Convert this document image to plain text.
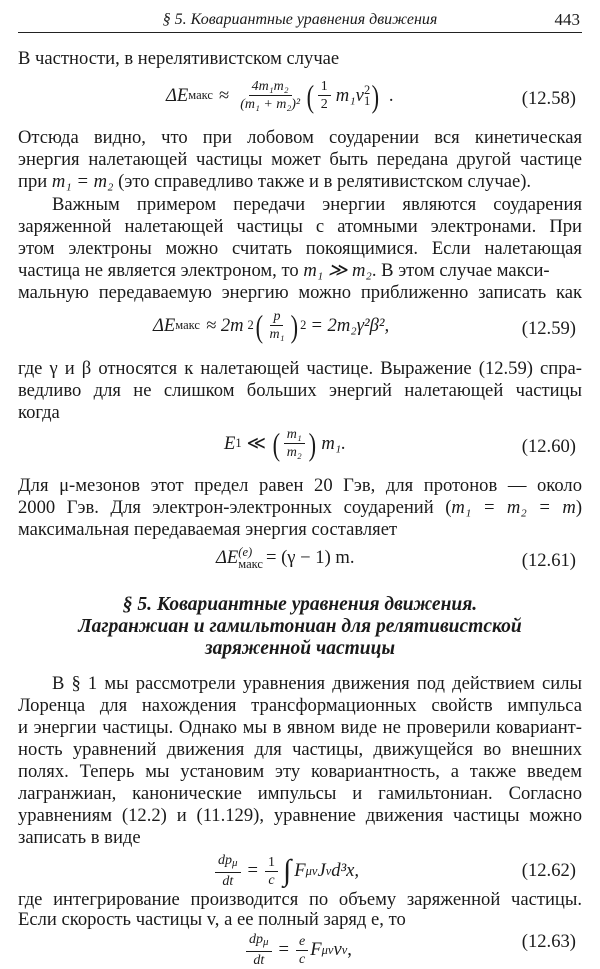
§ 5. Ковариантные уравнения движения	443
В частности, в нерелятивистском случае
ΔE макс ≈ $\frac{\text{4m₁m₂}}{\text{(m₁ + m₂)²}}$ ( $\frac{1}{2} m_1v$ 2
1 ) .	(12.58)
Отсюда видно, что при лобовом соударении вся кинетическая
энергия налетающей частицы может быть передана другой частице
при m₁ = m₂ (это справедливо также и в релятивистском случае).
Важным примером передачи энергии являются соударения
заряженной налетающей частицы с атомными электронами. При
этом электроны можно считать покоящимися. Если налетающая
частица не является электроном, то m₁ ≫ m₂. В этом случае макси-
мальную передаваемую энергию можно приближенно записать как
ΔE макс ≈ 2m 2 ( $\frac{p}{\text{m₁}}$ ) 2 = 2m₂γ²β²,	(12.59)
где γ и β относятся к налетающей частице. Выражение (12.59) спра-
ведливо для не слишком больших энергий налетающей частицы
когда
E 1 ≪ ( $\frac{\text{m₁}}{\text{m₂}}$ ) m₁.	(12.60)
Для μ-мезонов этот предел равен 20 Гэв, для протонов — около
2000 Гэв. Для электрон-электронных соударений (m₁ = m₂ = m)
максимальная передаваемая энергия составляет
ΔE (e)
макс = (γ − 1) m.	(12.61)
§ 5. Ковариантные уравнения движения.
Лагранжиан и гамильтониан для релятивистской
заряженной частицы
В § 1 мы рассмотрели уравнения движения под действием силы
Лоренца для нахождения трансформационных свойств импульса
и энергии частицы. Однако мы в явном виде не проверили ковариант-
ность уравнений движения для частицы, движущейся во внешних
полях. Теперь мы установим эту ковариантность, а также введем
лагранжиан, канонические импульсы и гамильтониан. Согласно
уравнениям (12.2) и (11.129), уравнение движения частицы можно
записать в виде
$\frac{\text{dpμ}}{dt} = \frac{1}{c}$ ∫ F μν J ν d³x,	(12.62)
где интегрирование производится по объему заряженной частицы.
Если скорость частицы v, а ее полный заряд e, то
$\frac{\text{dpμ}}{dt} = \frac{e}{c}$ F μν v ν ,	(12.63)
